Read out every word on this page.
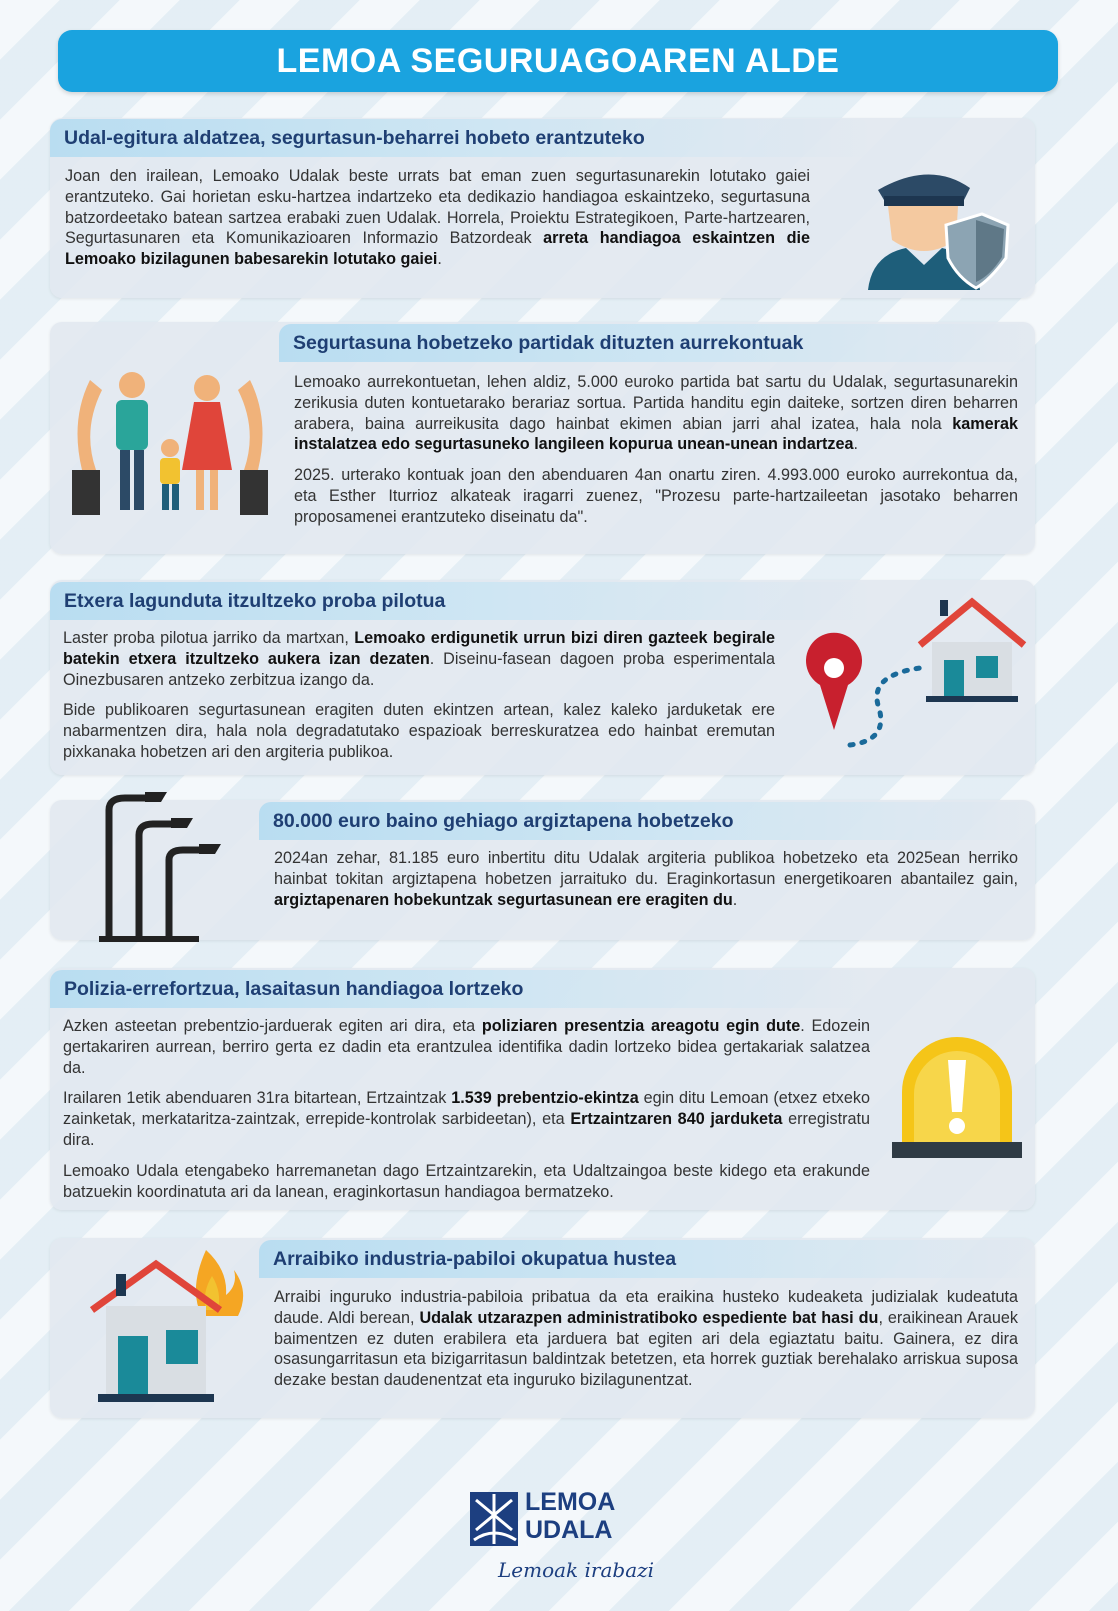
LEMOA SEGURUAGOAREN ALDE
Udal-egitura aldatzea, segurtasun-beharrei hobeto erantzuteko

Joan den irailean, Lemoako Udalak beste urrats bat eman zuen segurtasunarekin lotutako gaiei erantzuteko. Gai horietan esku-hartzea indartzeko eta dedikazio handiagoa eskaintzeko, segurtasuna batzordeetako batean sartzea erabaki zuen Udalak. Horrela, Proiektu Estrategikoen, Parte-hartzearen, Segurtasunaren eta Komunikazioaren Informazio Batzordeak arreta handiagoa eskaintzen die Lemoako bizilagunen babesarekin lotutako gaiei.

Segurtasuna hobetzeko partidak dituzten aurrekontuak

Lemoako aurrekontuetan, lehen aldiz, 5.000 euroko partida bat sartu du Udalak, segurtasunarekin zerikusia duten kontuetarako berariaz sortua. Partida handitu egin daiteke, sortzen diren beharren arabera, baina aurreikusita dago hainbat ekimen abian jarri ahal izatea, hala nola kamerak instalatzea edo segurtasuneko langileen kopurua unean-unean indartzea.

2025. urterako kontuak joan den abenduaren 4an onartu ziren. 4.993.000 euroko aurrekontua da, eta Esther Iturrioz alkateak iragarri zuenez, "Prozesu parte-hartzaileetan jasotako beharren proposamenei erantzuteko diseinatu da".

Etxera lagunduta itzultzeko proba pilotua

Laster proba pilotua jarriko da martxan, Lemoako erdigunetik urrun bizi diren gazteek begirale batekin etxera itzultzeko aukera izan dezaten. Diseinu-fasean dagoen proba esperimentala Oinezbusaren antzeko zerbitzua izango da.

Bide publikoaren segurtasunean eragiten duten ekintzen artean, kalez kaleko jarduketak ere nabarmentzen dira, hala nola degradatutako espazioak berreskuratzea edo hainbat eremutan pixkanaka hobetzen ari den argiteria publikoa.

80.000 euro baino gehiago argiztapena hobetzeko

2024an zehar, 81.185 euro inbertitu ditu Udalak argiteria publikoa hobetzeko eta 2025ean herriko hainbat tokitan argiztapena hobetzen jarraituko du. Eraginkortasun energetikoaren abantailez gain, argiztapenaren hobekuntzak segurtasunean ere eragiten du.

Polizia-errefortzua, lasaitasun handiagoa lortzeko

Azken asteetan prebentzio-jarduerak egiten ari dira, eta poliziaren presentzia areagotu egin dute. Edozein gertakariren aurrean, berriro gerta ez dadin eta erantzulea identifika dadin lortzeko bidea gertakariak salatzea da.

Irailaren 1etik abenduaren 31ra bitartean, Ertzaintzak 1.539 prebentzio-ekintza egin ditu Lemoan (etxez etxeko zainketak, merkataritza-zaintzak, errepide-kontrolak sarbideetan), eta Ertzaintzaren 840 jarduketa erregistratu dira.

Lemoako Udala etengabeko harremanetan dago Ertzaintzarekin, eta Udaltzaingoa beste kidego eta erakunde batzuekin koordinatuta ari da lanean, eraginkortasun handiagoa bermatzeko.

Arraibiko industria-pabiloi okupatua hustea

Arraibi inguruko industria-pabiloia pribatua da eta eraikina husteko kudeaketa judizialak kudeatuta daude. Aldi berean, Udalak utzarazpen administratiboko espediente bat hasi du, eraikinean Arauek baimentzen ez duten erabilera eta jarduera bat egiten ari dela egiaztatu baitu. Gainera, ez dira osasungarritasun eta bizigarritasun baldintzak betetzen, eta horrek guztiak berehalako arriskua suposa dezake bestan daudenentzat eta inguruko bizilagunentzat.

LEMOA
UDALA
Lemoak irabazi
